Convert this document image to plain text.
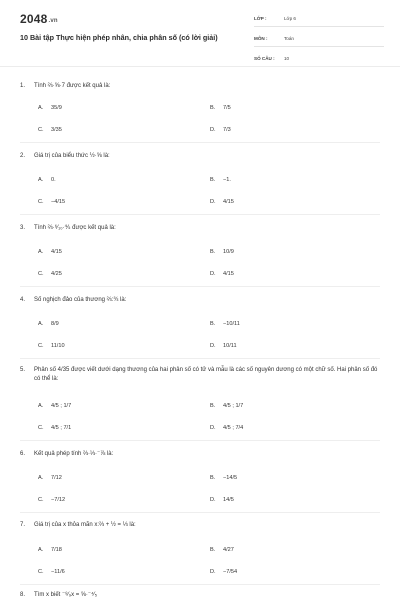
2048.vn
10 Bài tập Thực hiện phép nhân, chia phân số (có lời giải)
LỚP :	Lớp 6
MÔN :	Toán
SỐ CÂU : 10
1. Tính ⅔·⅝·7 được kết quả là:
A. 35/9	B. 7/5
C. 3/35	D. 7/3
2. Giá trị của biểu thức ½·⅝ là:
A. 0.	B. −1.
C. −4/15	D. 4/15
3. Tính ⅔·⁶⁄₁₀·⅘ được kết quả là:
A. 4/15	B. 10/9
C. 4/25	D. 4/15
4. Số nghịch đảo của thương ⅔:¾ là:
A. 8/9	B. −10/11
C. 11/10	D. 10/11
5. Phân số 4/35 được viết dưới dạng thương của hai phân số có tử và mẫu là các số nguyên dương có một chữ số. Hai phân số đó có thể là:
A. 4/5 ; 1/7	B. 4/5 ; 1/7
C. 4/5 ; 7/1	D. 4/5 ; 7/4
6. Kết quả phép tính ⅔·⅓·⁻⅞ là:
A. 7/12	B. −14/5
C. −7/12	D. 14/5
7. Giá trị của x thỏa mãn x:⅔ + ½ = ⅓ là:
A. 7/18	B. 4/27
C. −11/6	D. −7/54
8. Tìm x biết ⁻⁸⁄₉x = ⅝·⁻⁴⁄₅
